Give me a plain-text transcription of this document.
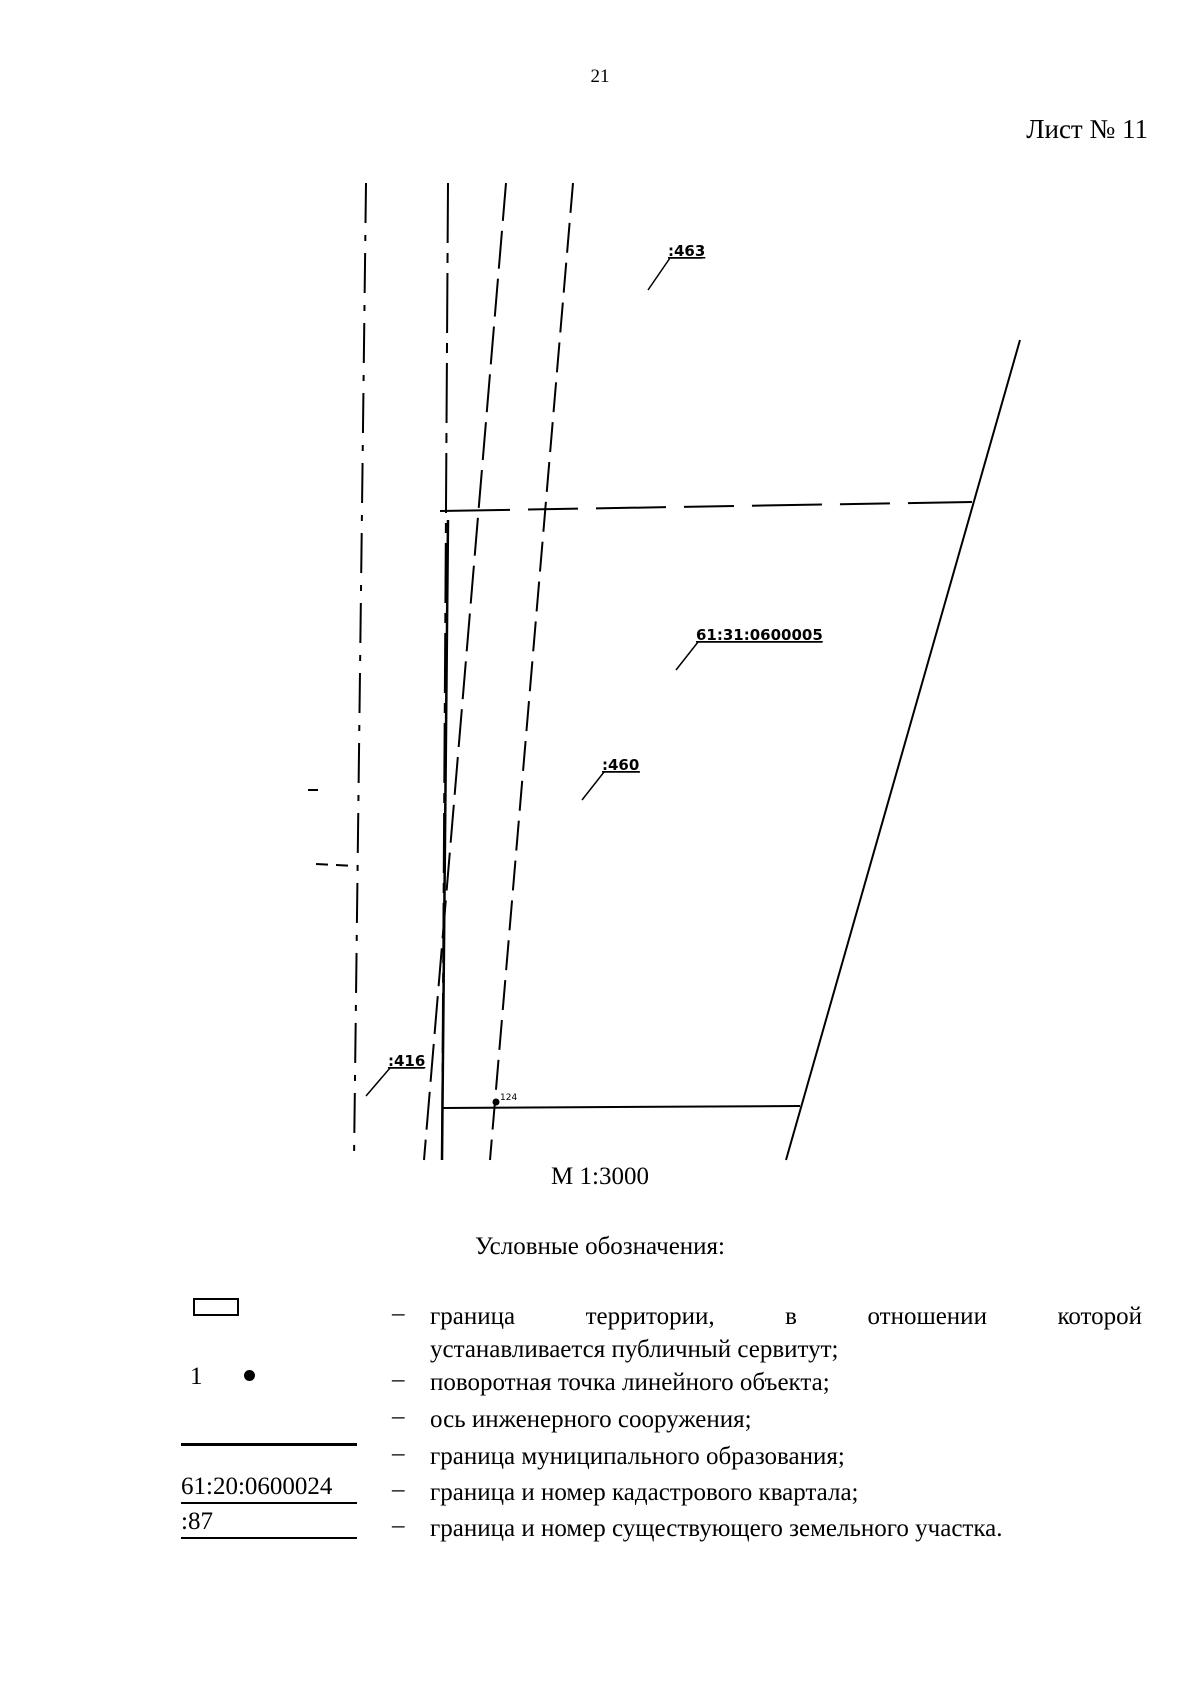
21
Лист № 11
124
:463
61:31:0600005
:460
:416
М 1:3000
Условные обозначения:
– граница территории, в отношении которой
устанавливается публичный сервитут;
1	– поворотная точка линейного объекта;
– ось инженерного сооружения;
– граница муниципального образования;
61:20:0600024	– граница и номер кадастрового квартала;
:87	– граница и номер существующего земельного участка.
